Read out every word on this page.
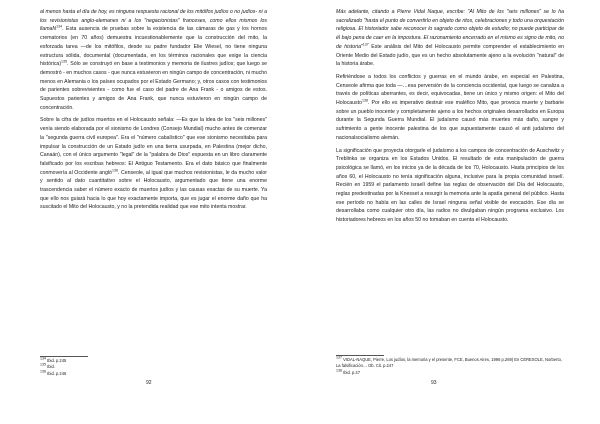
al menos hasta el día de hoy, es ninguna respuesta racional de los mitólfos judíos o no judíos- ni a los revisionistas anglo-alemanes ni a los "negacionistas" franceses, como ellos mismos los llamaN$^{134}$. Esta ausencia de pruebas sobre la existencia de las cámaras de gas y los hornos crematorios (en 70 años) demuestra incuestionablemente que la construcción del mito, la esforzada tarea —de los mitófilos, desde su padre fundador Elie Wiesel, no tiene ninguna estructura sólida, documental (documentada, en los términos racionales que exige la ciencia histórica)$^{135}$. Sólo se construyó en base a testimonios y memoria de ilustres judíos; que luego se demostró - en muchos casos - que nunca estuvieron en ningún campo de concentración, ni mucho menos en Alemania o los países ocupados por el Estado Germano; y, otros casos con testimonios de parientes sobrevivientes - como fue el caso del padre de Ana Frank - o amigos de estos. Supuestos parientes y amigos de Ana Frank, que nunca estuvieron en ningún campo de concentración.

Sobre la cifra de judíos muertos en el Holocausto señala: —Es que la idea de los "seis millones" venía siendo elaborada por el sionismo de Londres (Consejo Mundial) mucho antes de comenzar la "segunda guerra civil europea". Era el "número cabalístico" que ese sionismo necesitaba para impulsar la construcción de un Estado judío en una tierra usurpada, en Palestina (mejor dicho, Canaán), con el único argumento "legal" de la "palabra de Dios" expuesta en un libro claramente falsificado por los escribas hebreos: El Antiguo Testamento. Era el dato básico que finalmente conmovería al Occidente angló$^{136}$. Censeole, al igual que muchos revisionistas, le da mucho valor y sentido al dato cuantitativo sobre el Holocausto, argumentado que tiene una enorme trascendencia saber el número exacto de muertos judíos y las causas exactas de su muerte. Ya que ello nos guiará hacia lo que hoy exactamente importa, que es jugar el enorme daño que ha suscitado el Mito del Holocausto, y no la pretendida realidad que ese mito intenta mostrar.

$^{134}$ Ibid. p.245
$^{135}$ Ibid.
$^{136}$ Ibid. p.246
92

Más adelante, citando a Pierre Vidal Naque, escribe: "Al Mito de los "seis millones" se lo ha sacralizado "hasta el punto de convertirlo en objeto de ritos, celebraciones y todo una orquestación religiosa. El historiador sabe reconocer lo sagrado como objeto de estudio; no puede participar de él bajo pena de caer en la impostura. El razonamiento encerrado en el mismo es signo de mito, no de historia"$^{137}$ Este análisis del Mito del Holocausto permite comprender el establecimiento en Oriente Medio del Estado judío, que es un hecho absolutamente ajeno a la evolución "natural" de la historia árabe.

Refiriéndose a todos los conflictos y guerras en el mundo árabe, en especial en Palestina, Censeole afirma que toda —…esa perversión de la conciencia occidental, que luego se canaliza a través de políticas aberrantes, es decir, equivocadas, tiene un único y mismo origen: el Mito del Holocausto$^{138}$. Por ello es imperativo destruir ese maléfico Mito, que provoca muerte y barbarie sobre un pueblo inocente y completamente ajeno a los hechos originales desarrollados en Europa durante la Segunda Guerra Mundial. El judaísmo causó más muertes más daño, sangre y sufrimiento a gente inocente palestina de los que supuestamente causó el anti judaísmo del nacionalsocialismo alemán.

La significación que proyecta otorgarle el judaísmo a los campos de concentración de Auschwitz y Treblinka se organiza en los Estados Unidos. El resultado de esta manipulación de guerra psicológica se llamó, en los inicios ya de la década de los 70, Holocausto. Hasta principios de los años 60, el Holocausto no tenía significación alguna, inclusive para la propia comunidad israelí. Recién en 1959 el parlamento israelí define las reglas de observación del Día del Holocausto, reglas predestinadas por la Knesset a resurgir la memoria ante la apatía general del público. Hasta ese período no había en las calles de Israel ninguna señal visible de evocación. Ese día se desarrollaba como cualquier otro día, las radios no divulgaban ningún programa exclusivo. Los historiadores hebreos en los años 50 no tomaban en cuenta el Holocausto.

$^{137}$ VIDAL-NAQUE, Pierre, Los judíos, la memoria y el presente, FCE, Buenos Aires, 1996 p.269) En CERESOLE, Norberto, La falsificación… Ob. Cit. p.247
$^{138}$ Ibid. p.47
93
